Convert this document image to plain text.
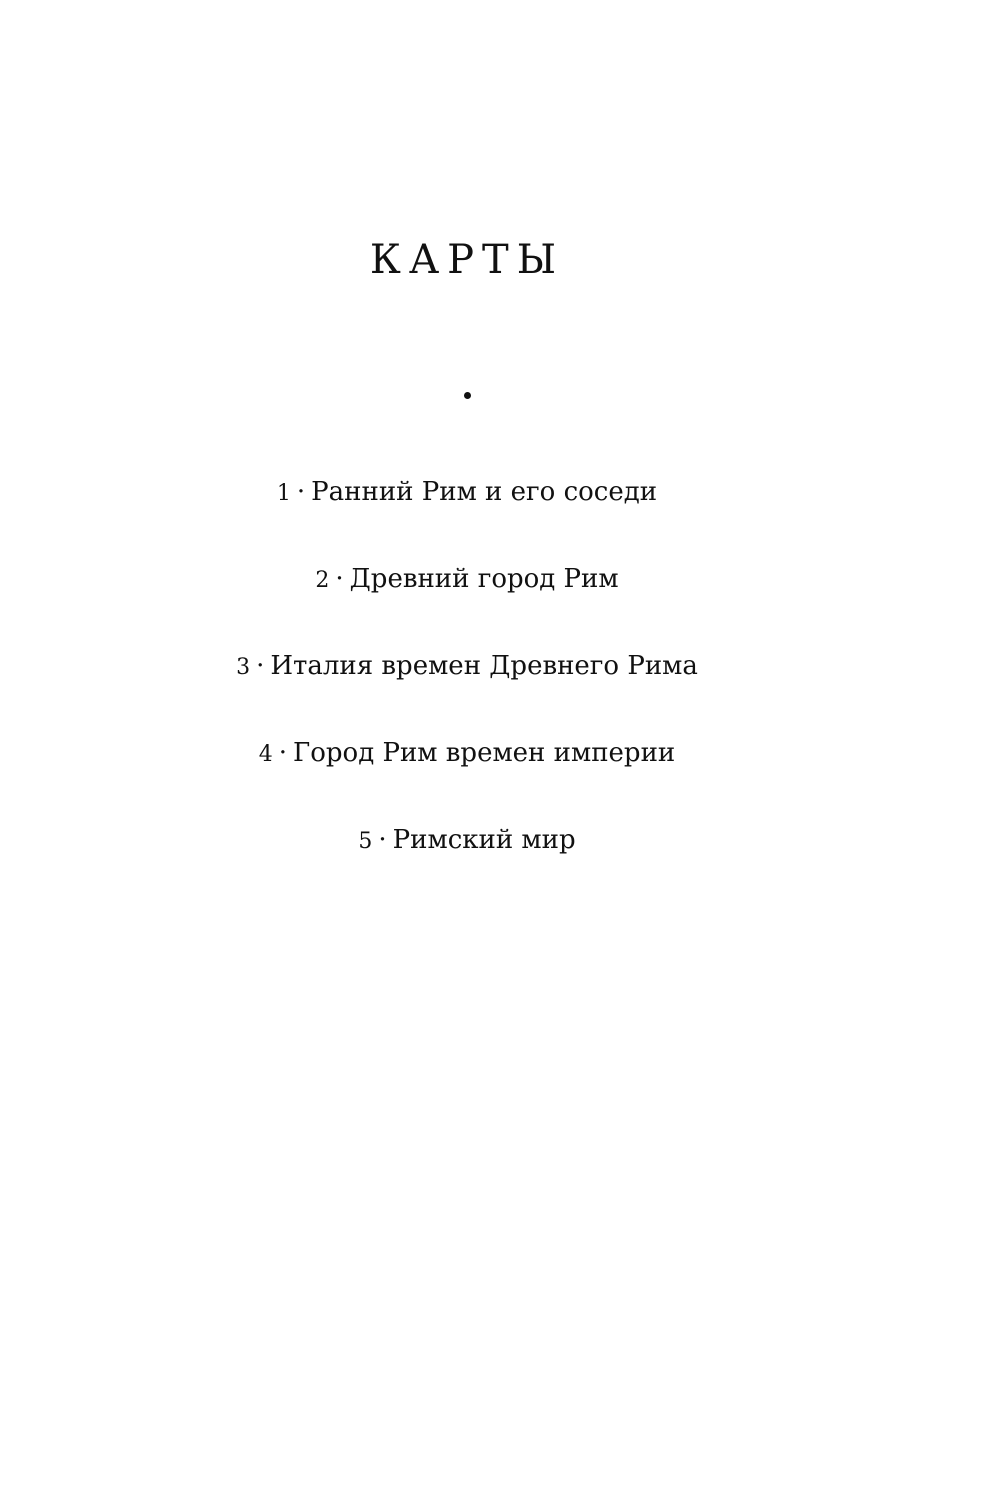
КАРТЫ
1 · Ранний Рим и его соседи
2 · Древний город Рим
3 · Италия времен Древнего Рима
4 · Город Рим времен империи
5 · Римский мир
